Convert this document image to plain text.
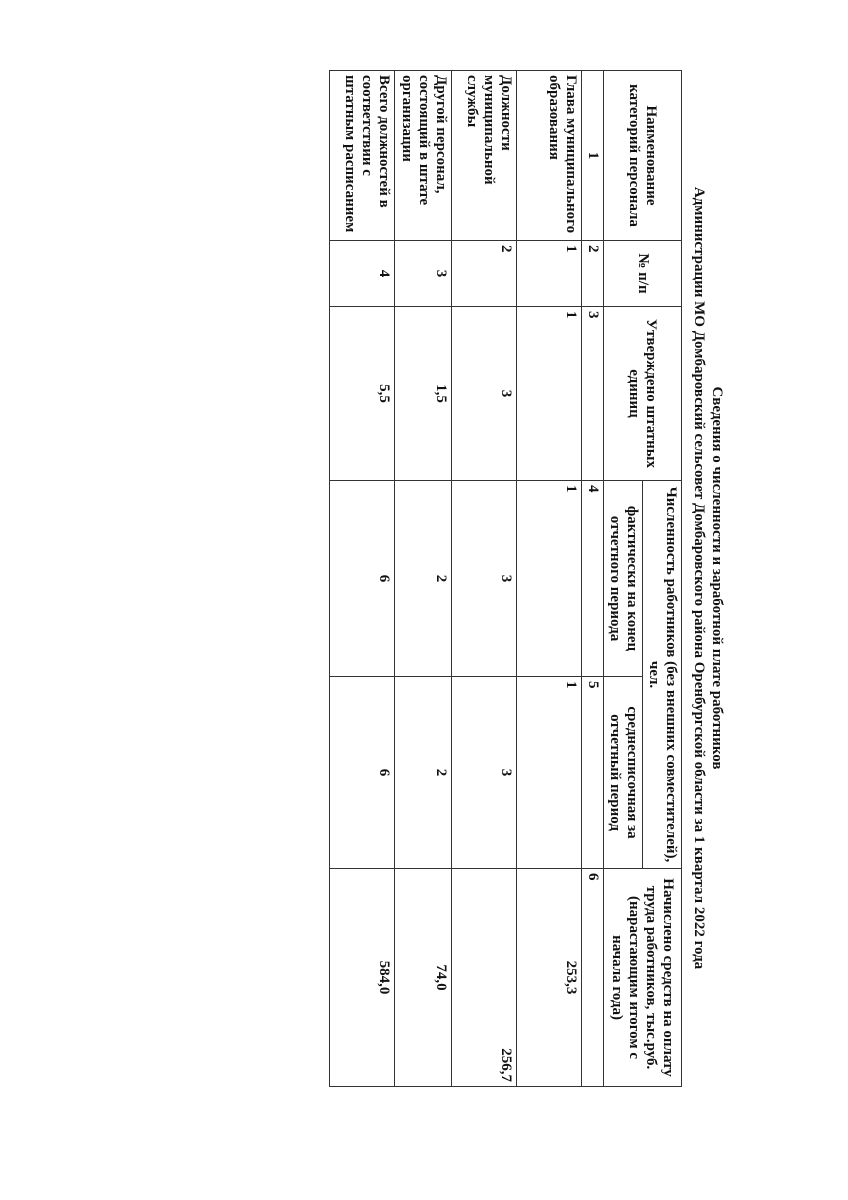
Сведения о численности и заработной плате работников
Администрации МО Домбаровский сельсовет Домбаровского района Оренбургской области за 1 квартал 2022 года
Наименование категорий персонала	№ п/п	Утверждено штатных единиц	Численность работников (без внешних совместителей), чел.		Начислено средств на оплату труда работников, тыс.руб. (нарастающим итогом с начала года)
			фактически на конец отчетного периода	среднесписочная за отчетный период	
1	2	3	4	5	6
Глава муниципального образования	1	1	1	1	253,3
Должности муниципальной службы	2	3	3	3	256,7
Другой персонал, состоящий в штате организации	3	1,5	2	2	74,0
Всего должностей в соответствии с штатным расписанием	4	5,5	6	6	584,0
